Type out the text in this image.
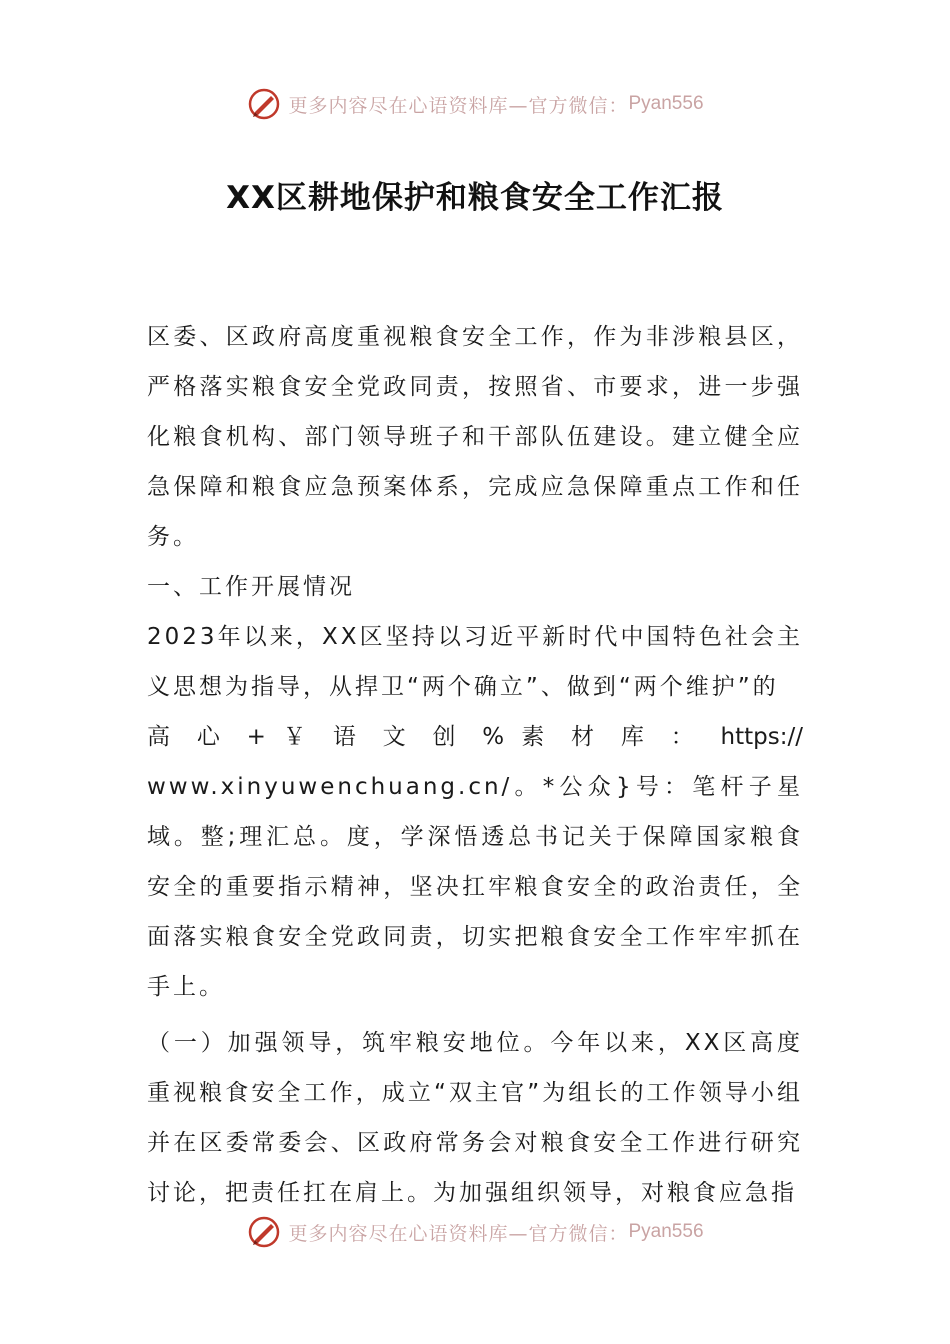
更多内容尽在心语资料库—官方微信： Pyan556
XX区耕地保护和粮食安全工作汇报

区委、区政府高度重视粮食安全工作，作为非涉粮县区，严格落实粮食安全党政同责，按照省、市要求，进一步强化粮食机构、部门领导班子和干部队伍建设。建立健全应急保障和粮食应急预案体系，完成应急保障重点工作和任务。

一、工作开展情况

2023年以来，XX区坚持以习近平新时代中国特色社会主义思想为指导，从捍卫“两个确立”、做到“两个维护”的

高 心 + ￥ 语 文 创 % 素 材 库 ： https://

www.xinyuwenchuang.cn/。*公众}号：笔杆子星域。整;理汇总。度，学深悟透总书记关于保障国家粮食安全的重要指示精神，坚决扛牢粮食安全的政治责任，全面落实粮食安全党政同责，切实把粮食安全工作牢牢抓在手上。

（一）加强领导，筑牢粮安地位。今年以来，XX区高度重视粮食安全工作，成立“双主官”为组长的工作领导小组并在区委常委会、区政府常务会对粮食安全工作进行研究讨论，把责任扛在肩上。为加强组织领导，对粮食应急指

更多内容尽在心语资料库—官方微信： Pyan556
